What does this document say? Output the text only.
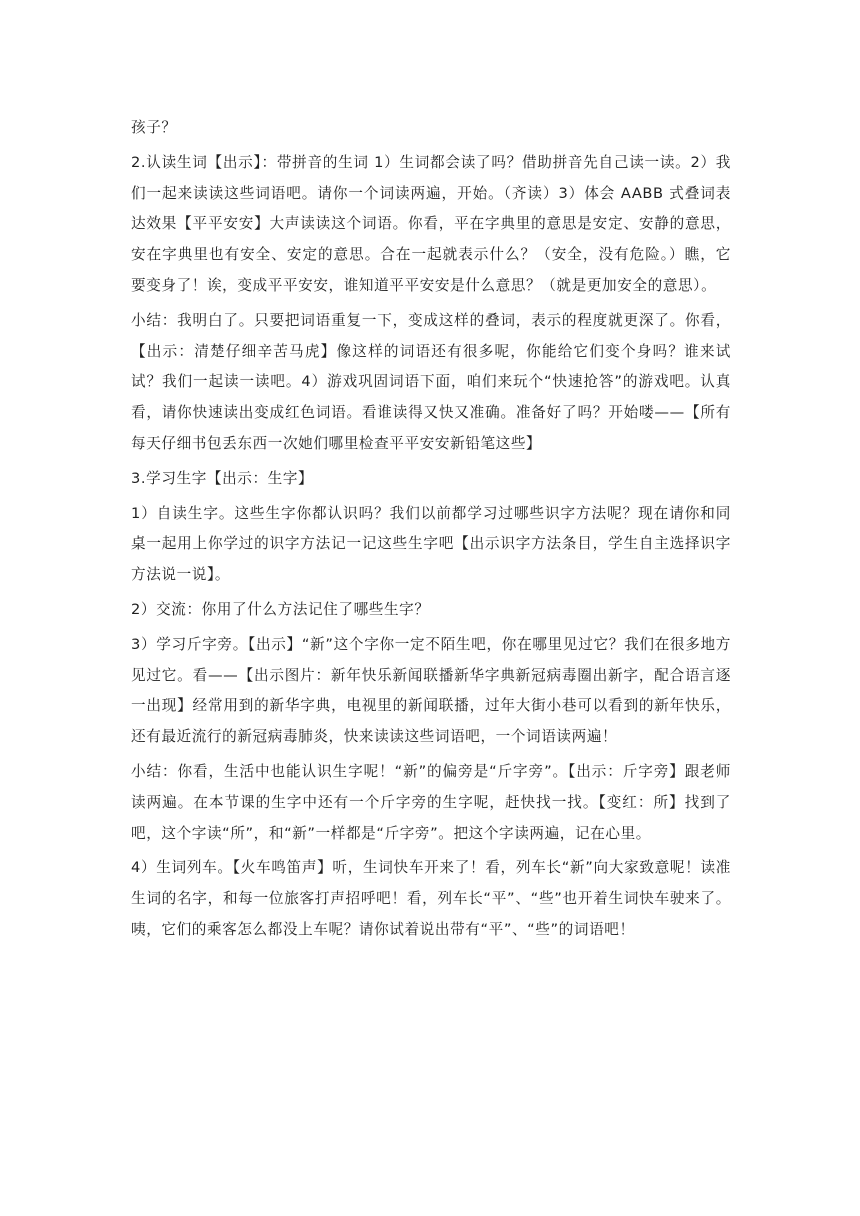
孩子？

2.认读生词【出示】：带拼音的生词 1）生词都会读了吗？借助拼音先自己读一读。2）我们一起来读读这些词语吧。请你一个词读两遍，开始。（齐读）3）体会 AABB 式叠词表达效果【平平安安】大声读读这个词语。你看，平在字典里的意思是安定、安静的意思，安在字典里也有安全、安定的意思。合在一起就表示什么？（安全，没有危险。）瞧，它要变身了！诶，变成平平安安，谁知道平平安安是什么意思？（就是更加安全的意思）。

小结：我明白了。只要把词语重复一下，变成这样的叠词，表示的程度就更深了。你看，【出示：清楚仔细辛苦马虎】像这样的词语还有很多呢，你能给它们变个身吗？谁来试试？我们一起读一读吧。4）游戏巩固词语下面，咱们来玩个“快速抢答”的游戏吧。认真看，请你快速读出变成红色词语。看谁读得又快又准确。准备好了吗？开始喽——【所有每天仔细书包丢东西一次她们哪里检查平平安安新铅笔这些】

3.学习生字【出示：生字】

1）自读生字。这些生字你都认识吗？我们以前都学习过哪些识字方法呢？现在请你和同桌一起用上你学过的识字方法记一记这些生字吧【出示识字方法条目，学生自主选择识字方法说一说】。

2）交流：你用了什么方法记住了哪些生字？

3）学习斤字旁。【出示】“新”这个字你一定不陌生吧，你在哪里见过它？我们在很多地方见过它。看——【出示图片：新年快乐新闻联播新华字典新冠病毒圈出新字，配合语言逐一出现】经常用到的新华字典，电视里的新闻联播，过年大街小巷可以看到的新年快乐，还有最近流行的新冠病毒肺炎，快来读读这些词语吧，一个词语读两遍！

小结：你看，生活中也能认识生字呢！“新”的偏旁是“斤字旁”。【出示：斤字旁】跟老师读两遍。在本节课的生字中还有一个斤字旁的生字呢，赶快找一找。【变红：所】找到了吧，这个字读“所”，和“新”一样都是“斤字旁”。把这个字读两遍，记在心里。

4）生词列车。【火车鸣笛声】听，生词快车开来了！看，列车长“新”向大家致意呢！读准生词的名字，和每一位旅客打声招呼吧！看，列车长“平”、“些”也开着生词快车驶来了。咦，它们的乘客怎么都没上车呢？请你试着说出带有“平”、“些”的词语吧！
